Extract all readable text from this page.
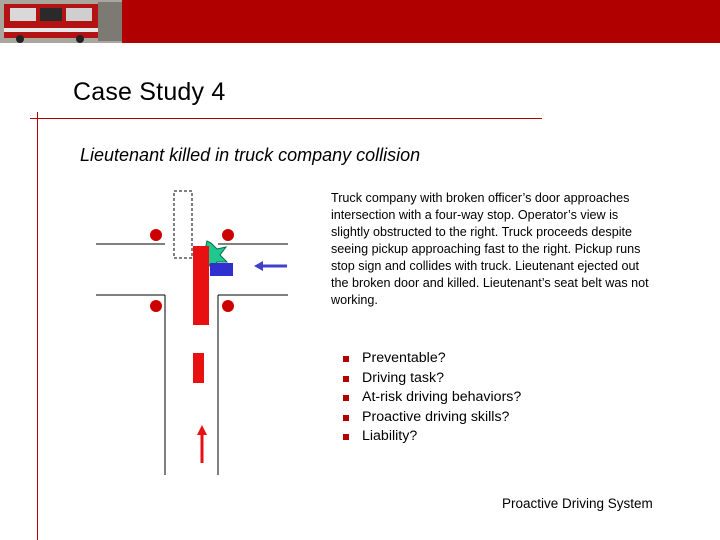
Case Study 4
Lieutenant killed in truck company collision
Truck company with broken officer’s door approaches intersection with a four-way stop. Operator’s view is slightly obstructed to the right. Truck proceeds despite seeing pickup approaching fast to the right. Pickup runs stop sign and collides with truck. Lieutenant ejected out the broken door and killed. Lieutenant’s seat belt was not working.
Preventable?
Driving task?
At-risk driving behaviors?
Proactive driving skills?
Liability?
Proactive Driving System
